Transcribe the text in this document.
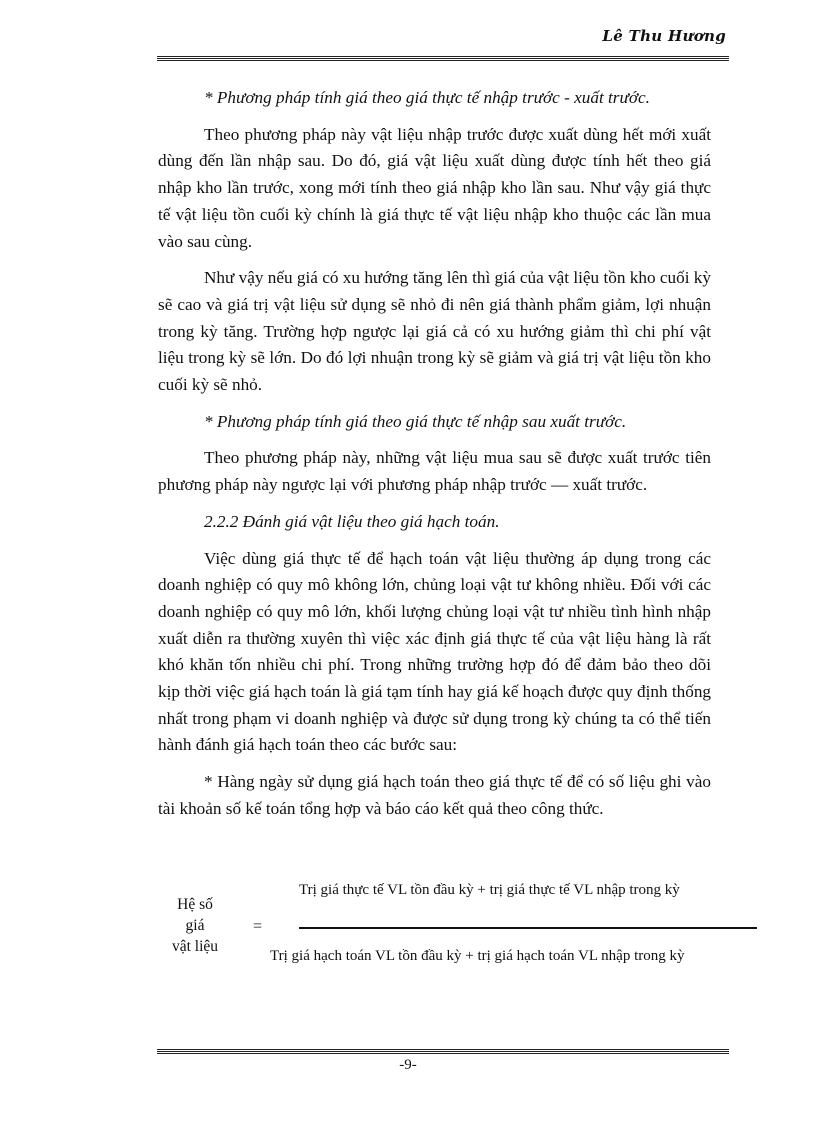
Lê Thu Hương

* Phương pháp tính giá theo giá thực tế nhập trước - xuất trước.

Theo phương pháp này vật liệu nhập trước được xuất dùng hết mới xuất dùng đến lần nhập sau. Do đó, giá vật liệu xuất dùng được tính hết theo giá nhập kho lần trước, xong mới tính theo giá nhập kho lần sau. Như vậy giá thực tế vật liệu tồn cuối kỳ chính là giá thực tế vật liệu nhập kho thuộc các lần mua vào sau cùng.

Như vậy nếu giá có xu hướng tăng lên thì giá của vật liệu tồn kho cuối kỳ sẽ cao và giá trị vật liệu sử dụng sẽ nhỏ đi nên giá thành phẩm giảm, lợi nhuận trong kỳ tăng. Trường hợp ngược lại giá cả có xu hướng giảm thì chi phí vật liệu trong kỳ sẽ lớn. Do đó lợi nhuận trong kỳ sẽ giảm và giá trị vật liệu tồn kho cuối kỳ sẽ nhỏ.

* Phương pháp tính giá theo giá thực tế nhập sau xuất trước.

Theo phương pháp này, những vật liệu mua sau sẽ được xuất trước tiên phương pháp này ngược lại với phương pháp nhập trước — xuất trước.

2.2.2 Đánh giá vật liệu theo giá hạch toán.

Việc dùng giá thực tế để hạch toán vật liệu thường áp dụng trong các doanh nghiệp có quy mô không lớn, chủng loại vật tư không nhiều. Đối với các doanh nghiệp có quy mô lớn, khối lượng chủng loại vật tư nhiều tình hình nhập xuất diễn ra thường xuyên thì việc xác định giá thực tế của vật liệu hàng là rất khó khăn tốn nhiều chi phí. Trong những trường hợp đó để đảm bảo theo dõi kịp thời việc giá hạch toán là giá tạm tính hay giá kế hoạch được quy định thống nhất trong phạm vi doanh nghiệp và được sử dụng trong kỳ chúng ta có thể tiến hành đánh giá hạch toán theo các bước sau:

* Hàng ngày sử dụng giá hạch toán theo giá thực tế để có số liệu ghi vào tài khoản số kế toán tổng hợp và báo cáo kết quả theo công thức.

Hệ số
giá
vật liệu
=
Trị giá thực tế VL tồn đầu kỳ + trị giá thực tế VL nhập trong kỳ
Trị giá hạch toán VL tồn đầu kỳ + trị giá hạch toán VL nhập trong kỳ
-9-
